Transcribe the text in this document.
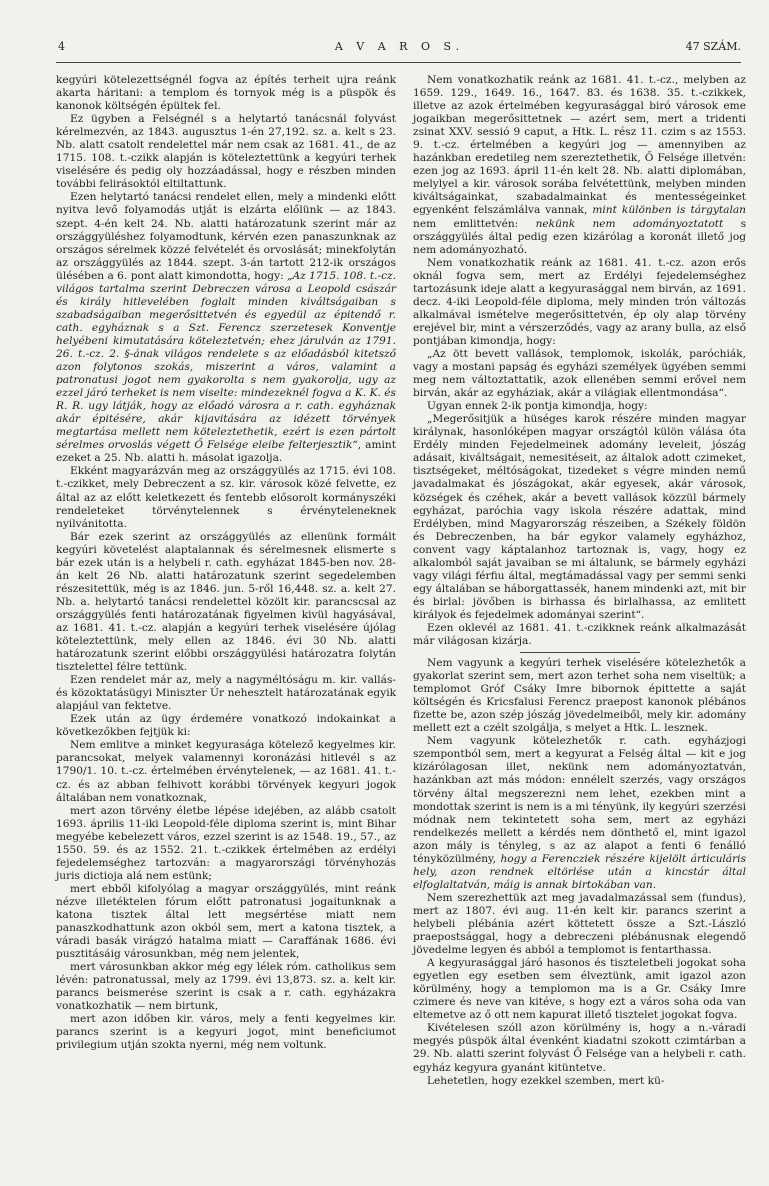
4	A V A R O S.	47 SZÁM.

kegyúri kötelezettségnél fogva az építés terheit ujra reánk akarta háritani: a templom és tornyok még is a püspök és kanonok költségén épültek fel.

Ez ügyben a Felségnél s a helytartó tanácsnál folyvást kérelmezvén, az 1843. augusztus 1-én 27,192. sz. a. kelt s 23. Nb. alatt csatolt rendelettel már nem csak az 1681. 41., de az 1715. 108. t.-czikk alapján is köteleztettünk a kegyúri terhek viselésére és pedig oly hozzáadással, hogy e részben minden további felirásoktól eltiltattunk.

Ezen helytartó tanácsi rendelet ellen, mely a mindenki előtt nyitva levő folyamodás utját is elzárta előlünk — az 1843. szept. 4-én kelt 24. Nb. alatti határozatunk szerint már az országgyüléshez folyamodtunk, kérvén ezen panaszunknak az országos sérelmek közzé felvételét és orvoslását; minekfolytán az országgyülés az 1844. szept. 3-án tartott 212-ik országos ülésében a 6. pont alatt kimondotta, hogy: „Az 1715. 108. t.-cz. világos tartalma szerint Debreczen városa a Leopold császár és király hitlevelében foglalt minden kiváltságaiban s szabadságaiban megerősittetvén és egyedül az épitendő r. cath. egyháznak s a Szt. Ferencz szerzetesek Konventje helyébeni kimutatására köteleztetvén; ehez járulván az 1791. 26. t.-cz. 2. §-ának világos rendelete s az előadásból kitetsző azon folytonos szokás, miszerint a város, valamint a patronatusi jogot nem gyakorolta s nem gyakorolja, ugy az ezzel járó terheket is nem viselte: mindezeknél fogva a K. K. és R. R. ugy látják, hogy az előadó városra a r. cath. egyháznak akár épitésére, akár kijavitására az idézett törvények megtartása mellett nem köteleztethetik, ezért is ezen pártolt sérelmes orvoslás végett Ő Felsége elеibe felterjesztik“, amint ezeket a 25. Nb. alatti h. másolat igazolja.

Ekként magyarázván meg az országgyülés az 1715. évi 108. t.-czikket, mely Debreczent a sz. kir. városok közé felvette, ez által az az előtt keletkezett és fentebb elősorolt kormányszéki rendeleteket törvénytelennek s érvénytelenеknek nyilvánitotta.

Bár ezek szerint az országgyülés az ellenünk formált kegyúri követelést alaptalannak és sérelmesnek elismerte s bár ezek után is a helybeli r. cath. egyházat 1845-ben nov. 28-án kelt 26 Nb. alatti határozatunk szerint segedelemben részesitettük, még is az 1846. jun. 5-ről 16,448. sz. a. kelt 27. Nb. a. helytartó tanácsi rendelettel közölt kir. parancscsal az országgyülés fenti határozatának figyelmen kivül hagyásával, az 1681. 41. t.-cz. alapján a kegyúri terhek viselésére újólag köteleztettünk, mely ellen az 1846. évi 30 Nb. alatti határozatunk szerint előbbi országgyülési határozatra folytán tisztelettel félre tettünk.

Ezen rendelet már az, mely a nagyméltóságu m. kir. vallás- és közoktatásügyi Miniszter Úr nehesztelt határozatának egyik alapjául van fektetve.

Ezek után az ügy érdemére vonatkozó indokainkat a következőkben fejtjük ki:

Nem emlitve a minket kegyurasága kötelező kegyelmes kir. parancsokat, melyek valamennyi koronázási hitlevél s az 1790/1. 10. t.-cz. értelmében érvénytelenek, — az 1681. 41. t.-cz. és az abban felhivott korábbi törvények kegyuri jogok általában nem vonatkoznak,

mert azon törvény életbe lépése idejében, az alább csatolt 1693. április 11-iki Leopold-féle diploma szerint is, mint Bihar megyébe kebelezett város, ezzel szerint is az 1548. 19., 57., az 1550. 59. és az 1552. 21. t.-czikkek értelmében az erdélyi fejedelemséghez tartozván: a magyarországi törvényhozás juris dictioja alá nem estünk;

mert ebből kifolyólag a magyar országgyülés, mint reánk nézve illetéktelen fórum előtt patronatusi jogaitunknak a katona tisztek által lett megsértése miatt nem panaszkodhattunk azon okból sem, mert a katona tisztek, a váradi basák virágzó hatalma miatt — Caraffának 1686. évi pusztitásáig városunkban, még nem jelentek,

mert városunkban akkor még egy lélek róm. catholikus sem lévén: patronatussal, mely az 1799. évi 13,873. sz. a. kelt kir. parancs beismerése szerint is csak a r. cath. egyházakra vonatkozhatik — nem birtunk,

mert azon időben kir. város, mely a fenti kegyelmes kir. parancs szerint is a kegyuri jogot, mint beneficiumot privilegium utján szokta nyerni, még nem voltunk.

Nem vonatkozhatik reánk az 1681. 41. t.-cz., melyben az 1659. 129., 1649. 16., 1647. 83. és 1638. 35. t.-czikkek, illetve az azok értelmében kegyurasággal biró városok eme jogaikban megerősittetnek — azért sem, mert a tridenti zsinat XXV. sessió 9 caput, a Htk. L. rész 11. czim s az 1553. 9. t.-cz. értelmében a kegyúri jog — amennyiben az hazánkban eredetileg nem szereztethetik, Ő Felsége illetvén: ezen jog az 1693. ápril 11-én kelt 28. Nb. alatti diplomában, melylyel a kir. városok sorába felvétettünk, melyben minden kiváltságainkat, szabadalmainkat és mentességeinket egyenként felszámlálva vannak, mint különben is tárgytalan nem emlittetvén: nekünk nem adományoztatott s országgyülés által pedig ezen kizárólag a koronát illető jog nem adományozható.

Nem vonatkozhatik reánk az 1681. 41. t.-cz. azon erős oknál fogva sem, mert az Erdélyi fejedelemséghez tartozásunk ideje alatt a kegyurasággal nem birván, az 1691. decz. 4-iki Leopold-féle diploma, mely minden trón változás alkalmával ismételve megerősittetvén, ép oly alap törvény erejével bir, mint a vérszerződés, vagy az arany bulla, az első pontjában kimondja, hogy:

„Az ött bevett vallások, templomok, iskolák, paróchiák, vagy a mostani papság és egyházi személyek ügyében semmi meg nem változtattatik, azok ellenében semmi erővel nem birván, akár az egyháziak, akár a világiak ellentmondása“.

Ugyan ennek 2-ik pontja kimondja, hogy:

„Megerősitjük a hüséges karok részére minden magyar királynak, hasonlóképen magyar országtól külön válása óta Erdély minden Fejedelmeinek adomány leveleit, jószág adásait, kiváltságait, nemesitéseit, az általok adott czimeket, tisztségeket, méltóságokat, tizedeket s végre minden nemű javadalmakat és jószágokat, akár egyesek, akár városok, községek és czéhek, akár a bevett vallások közzül bármely egyházat, paróchia vagy iskola részére adattak, mind Erdélyben, mind Magyarország részeiben, a Székely földön és Debreczenben, ha bár egykor valamely egyházhoz, convent vagy káptalanhoz tartoznak is, vagy, hogy ez alkalomból saját javaiban se mi általunk, se bármely egyházi vagy világi férfiu által, megtámadással vagy per semmi senki egy általában se háborgattassék, hanem mindenki azt, mit bir és birlal: jövőben is birhassa és birlalhassa, az emlitett királyok és fejedelmek adományai szerint“.

Ezen oklevél az 1681. 41. t.-czikknek reánk alkalmazását már világosan kizárja.

Nem vagyunk a kegyúri terhek viselésére kötelezhetők a gyakorlat szerint sem, mert azon terhet soha nem viseltük; a templomot Gróf Csáky Imre bibornok épittette a saját költségén és Kricsfalusi Ferencz praepost kanonok plébános fizette be, azon szép jószág jövedelmeiből, mely kir. adomány mellett ezt a czélt szolgálja, s melyet a Htk. L. lesznek.

Nem vagyunk kötelezhetők r. cath. egyházjogi szempontból sem, mert a kegyurat a Felség által — kit e jog kizárólagosan illet, nekünk nem adományoztatván, hazánkban azt más módon: ennélelt szerzés, vagy országos törvény által megszereznі nem lehet, ezekben mint a mondottak szerint is nem is a mi tényünk, ily kegyúri szerzési módnak nem tekintetett soha sem, mert az egyházi rendelkezés mellett a kérdés nem dönthető el, mint igazol azon mály is tényleg, s az az alapot a fenti 6 fenálló tényközülmény, hogy a Ferencziek részére kijelölt árticuláris hely, azon rendnek eltörlése után a kincstár által elfoglaltatván, máig is annak birtokában van.

Nem szerezhettük azt meg javadalmazással sem (fundus), mert az 1807. évi aug. 11-én kelt kir. parancs szerint a helybeli plébánia azért köttetett össze a Szt.-László praepostsággal, hogy a debreczeni plébánusnak elegendő jövedelme legyen és abból a templomot is fentarthassa.

A kegyurasággal járó hasonos és tiszteletbeli jogokat soha egyetlen egy esetben sem élveztünk, amit igazol azon körülmény, hogy a templomon ma is a Gr. Csáky Imre czimere és neve van kitéve, s hogy ezt a város soha oda van eltemetve az ő ott nem kapurat illető tisztelet jogokat fogva.

Kivételesen szóll azon körülmény is, hogy a n.-váradi megyés püspök által évenként kiadatni szokott czimtárban a 29. Nb. alatti szerint folyvást Ő Felsége van a helybeli r. cath. egyház kegyura gyanánt kitüntetve.

Lehetetlen, hogy ezekkel szemben, mert kü-
